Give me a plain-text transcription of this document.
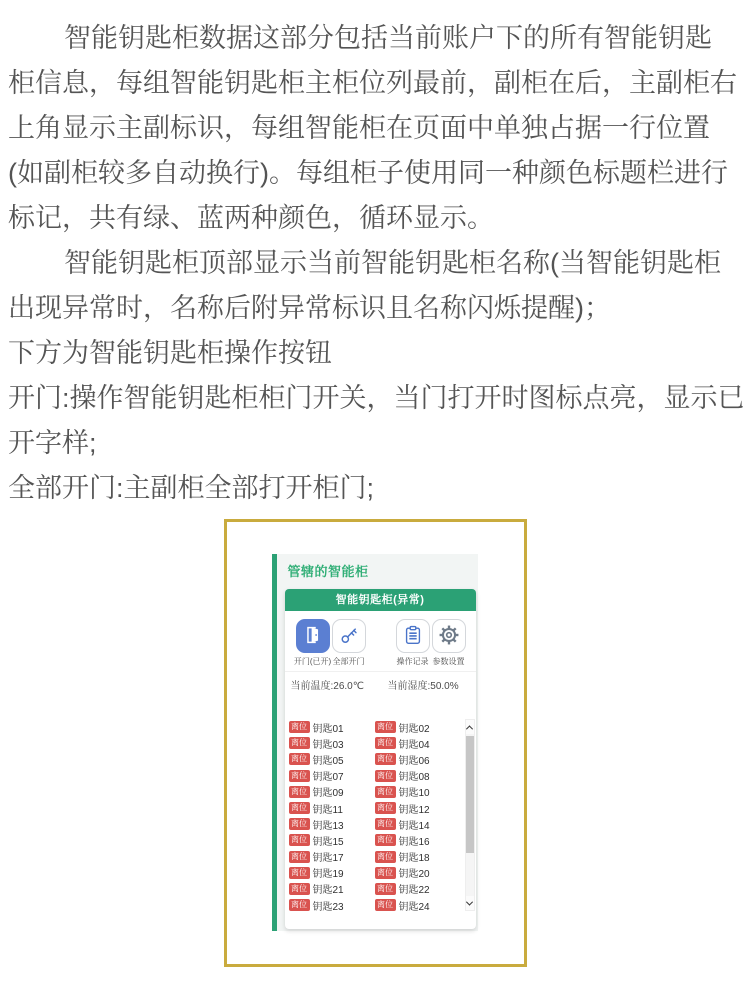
智能钥匙柜数据这部分包括当前账户下的所有智能钥匙
柜信息，每组智能钥匙柜主柜位列最前，副柜在后，主副柜右
上角显示主副标识，每组智能柜在页面中单独占据一行位置
(如副柜较多自动换行)。每组柜子使用同一种颜色标题栏进行
标记，共有绿、蓝两种颜色，循环显示。
智能钥匙柜顶部显示当前智能钥匙柜名称(当智能钥匙柜
出现异常时，名称后附异常标识且名称闪烁提醒)；
下方为智能钥匙柜操作按钮
开门:操作智能钥匙柜柜门开关，当门打开时图标点亮，显示已
开字样;
全部开门:主副柜全部打开柜门;
管辖的智能柜
智能钥匙柜(异常)
开门(已开) 全部开门	操作记录 参数设置
当前温度:26.0℃	当前湿度:50.0%
离位 钥匙01	离位 钥匙02
离位 钥匙03	离位 钥匙04
离位 钥匙05	离位 钥匙06
离位 钥匙07	离位 钥匙08
离位 钥匙09	离位 钥匙10
离位 钥匙11	离位 钥匙12
离位 钥匙13	离位 钥匙14
离位 钥匙15	离位 钥匙16
离位 钥匙17	离位 钥匙18
离位 钥匙19	离位 钥匙20
离位 钥匙21	离位 钥匙22
离位 钥匙23	离位 钥匙24
